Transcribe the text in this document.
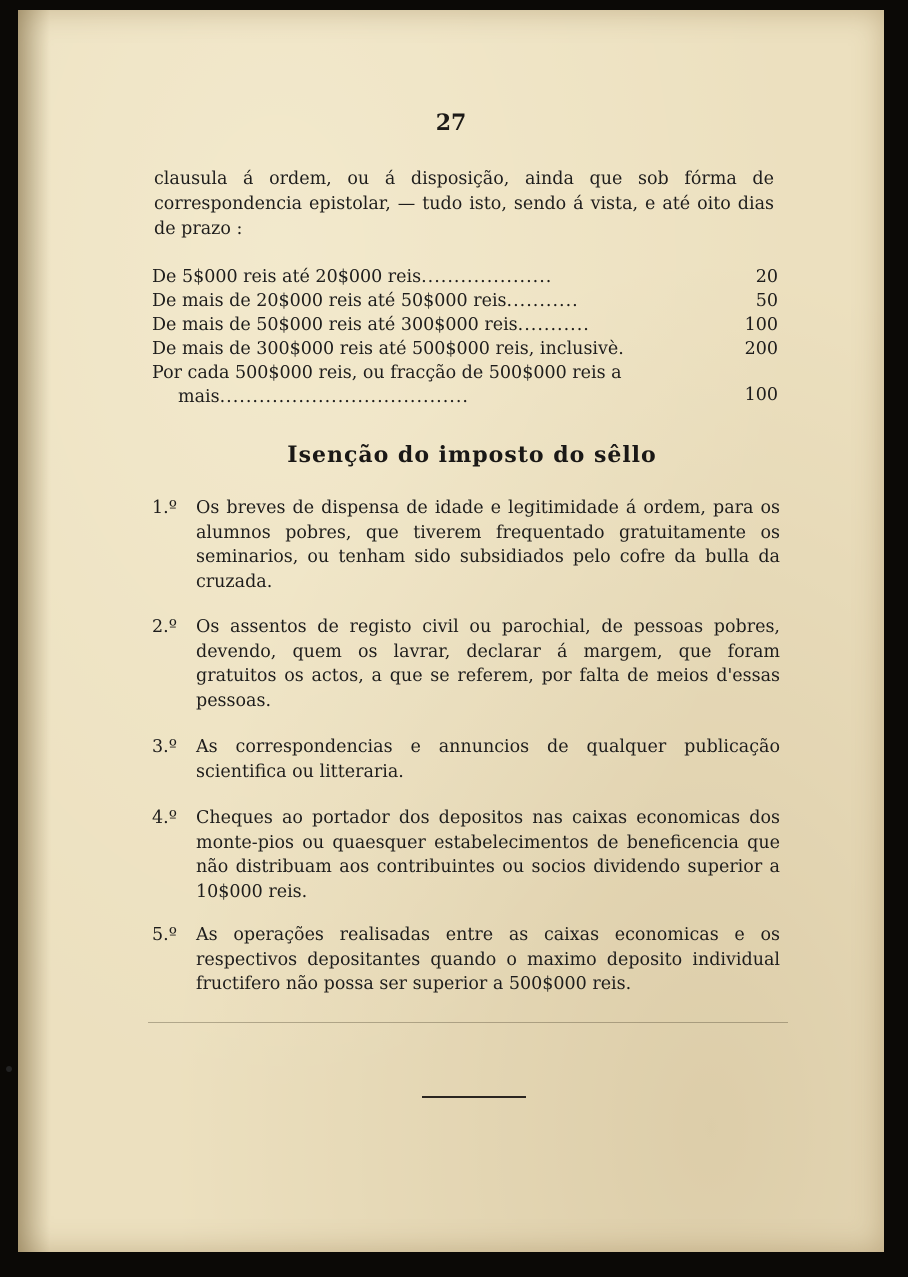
27
clausula á ordem, ou á disposição, ainda que sob fórma de correspondencia epistolar, — tudo isto, sendo á vista, e até oito dias de prazo :
De 5$000 reis até 20$000 reis....................	20
De mais de 20$000 reis até 50$000 reis...........	50
De mais de 50$000 reis até 300$000 reis...........	100
De mais de 300$000 reis até 500$000 reis, inclusivè.	200
Por cada 500$000 reis, ou fracção de 500$000 reis a
mais......................................	100
Isenção do imposto do sêllo
1.º	Os breves de dispensa de idade e legitimidade á ordem, para os alumnos pobres, que tiverem frequentado gratuitamente os seminarios, ou tenham sido subsidiados pelo cofre da bulla da cruzada.
2.º	Os assentos de registo civil ou parochial, de pessoas pobres, devendo, quem os lavrar, declarar á margem, que foram gratuitos os actos, a que se referem, por falta de meios d'essas pessoas.
3.º	As correspondencias e annuncios de qualquer publicação scientifica ou litteraria.
4.º	Cheques ao portador dos depositos nas caixas economicas dos monte-pios ou quaesquer estabelecimentos de beneficencia que não distribuam aos contribuintes ou socios dividendo superior a 10$000 reis.
5.º	As operações realisadas entre as caixas economicas e os respectivos depositantes quando o maximo deposito individual fructifero não possa ser superior a 500$000 reis.
